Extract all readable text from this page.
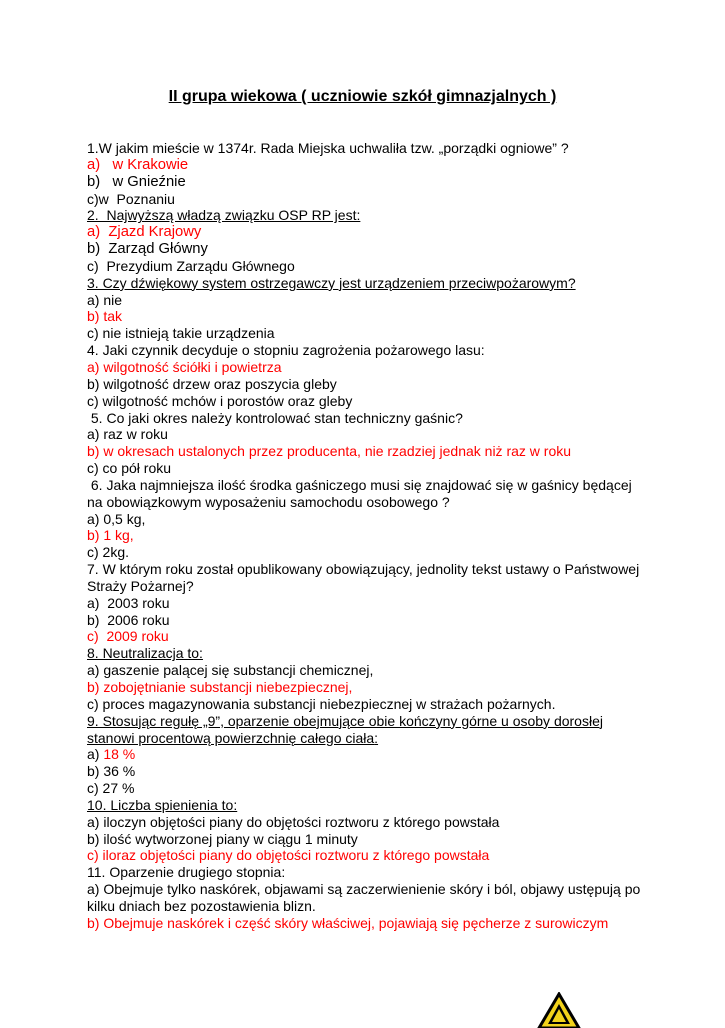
II grupa wiekowa ( uczniowie szkół gimnazjalnych )
1.W jakim mieście w 1374r. Rada Miejska uchwaliła tzw. „porządki ogniowe” ?
a)   w Krakowie
b)   w Gnieźnie
c)w  Poznaniu
2.  Najwyższą władzą związku OSP RP jest:
a)  Zjazd Krajowy
b)  Zarząd Główny
c)  Prezydium Zarządu Głównego
3. Czy dźwiękowy system ostrzegawczy jest urządzeniem przeciwpożarowym?
a) nie
b) tak
c) nie istnieją takie urządzenia
4. Jaki czynnik decyduje o stopniu zagrożenia pożarowego lasu:
a) wilgotność ściółki i powietrza
b) wilgotność drzew oraz poszycia gleby
c) wilgotność mchów i porostów oraz gleby
5. Co jaki okres należy kontrolować stan techniczny gaśnic?
a) raz w roku
b) w okresach ustalonych przez producenta, nie rzadziej jednak niż raz w roku
c) co pół roku
6. Jaka najmniejsza ilość środka gaśniczego musi się znajdować się w gaśnicy będącej na obowiązkowym wyposażeniu samochodu osobowego ?
a) 0,5 kg,
b) 1 kg,
c) 2kg.
7. W którym roku został opublikowany obowiązujący, jednolity tekst ustawy o Państwowej Straży Pożarnej?
a)  2003 roku
b)  2006 roku
c)  2009 roku
8. Neutralizacja to:
a) gaszenie palącej się substancji chemicznej,
b) zobojętnianie substancji niebezpiecznej,
c) proces magazynowania substancji niebezpiecznej w strażach pożarnych.
9. Stosując regułę „9”, oparzenie obejmujące obie kończyny górne u osoby dorosłej stanowi procentową powierzchnię całego ciała:
a) 18 %
b) 36 %
c) 27 %
10. Liczba spienienia to:
a) iloczyn objętości piany do objętości roztworu z którego powstała
b) ilość wytworzonej piany w ciągu 1 minuty
c) iloraz objętości piany do objętości roztworu z którego powstała
11. Oparzenie drugiego stopnia:
a) Obejmuje tylko naskórek, objawami są zaczerwienienie skóry i ból, objawy ustępują po kilku dniach bez pozostawienia blizn.
b) Obejmuje naskórek i część skóry właściwej, pojawiają się pęcherze z surowiczym
